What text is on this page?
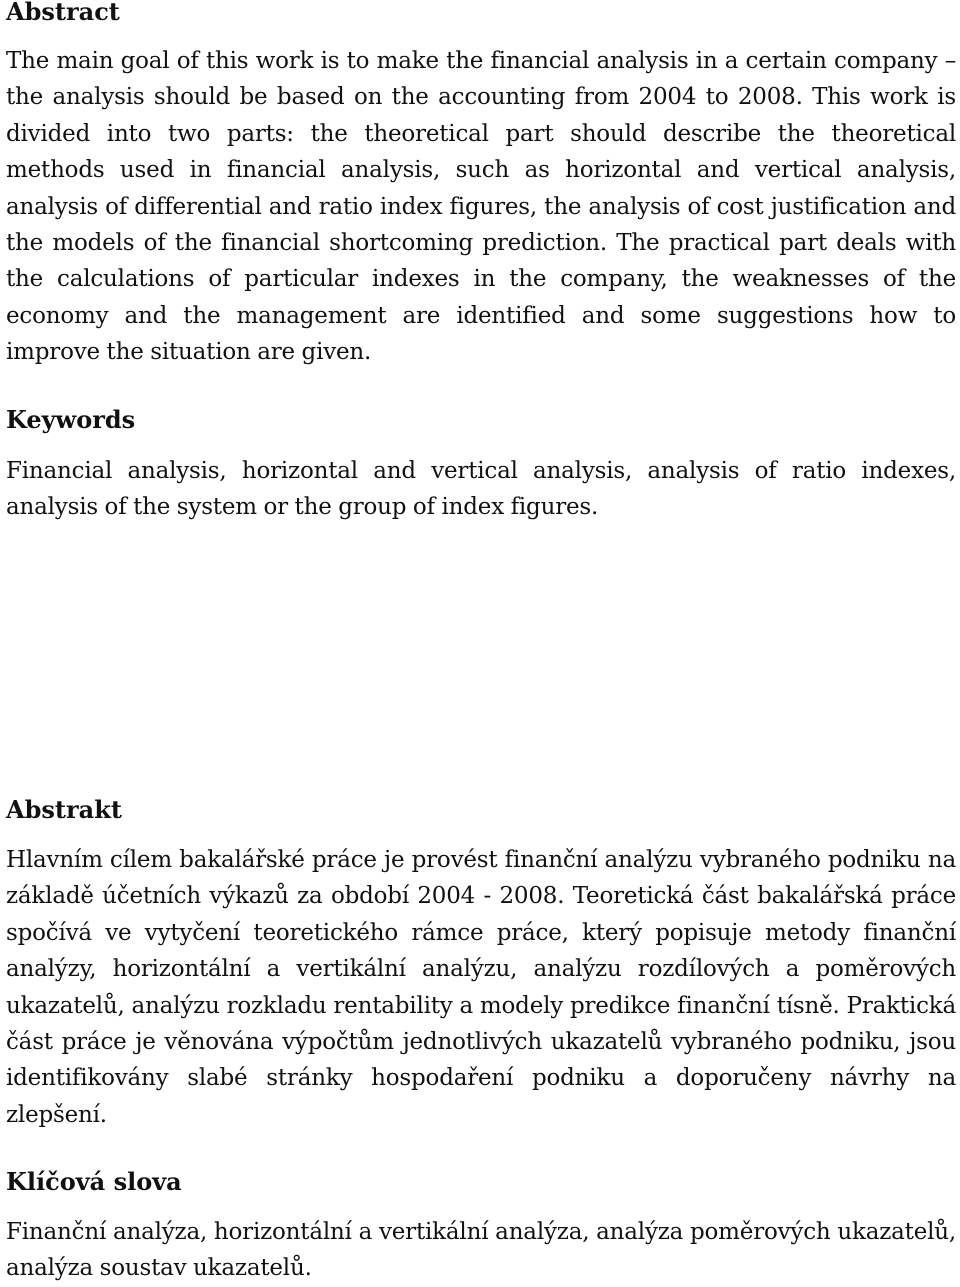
Abstract

The main goal of this work is to make the financial analysis in a certain company – the analysis should be based on the accounting from 2004 to 2008. This work is divided into two parts: the theoretical part should describe the theoretical methods used in financial analysis, such as horizontal and vertical analysis, analysis of differential and ratio index figures, the analysis of cost justification and the models of the financial shortcoming prediction. The practical part deals with the calculations of particular indexes in the company, the weaknesses of the economy and the management are identified and some suggestions how to improve the situation are given.

Keywords

Financial analysis, horizontal and vertical analysis, analysis of ratio indexes, analysis of the system or the group of index figures.

Abstrakt

Hlavním cílem bakalářské práce je provést finanční analýzu vybraného podniku na základě účetních výkazů za období 2004 - 2008. Teoretická část bakalářská práce spočívá ve vytyčení teoretického rámce práce, který popisuje metody finanční analýzy, horizontální a vertikální analýzu, analýzu rozdílových a poměrových ukazatelů, analýzu rozkladu rentability a modely predikce finanční tísně. Praktická část práce je věnována výpočtům jednotlivých ukazatelů vybraného podniku, jsou identifikovány slabé stránky hospodaření podniku a doporučeny návrhy na zlepšení.

Klíčová slova

Finanční analýza, horizontální a vertikální analýza, analýza poměrových ukazatelů, analýza soustav ukazatelů.
